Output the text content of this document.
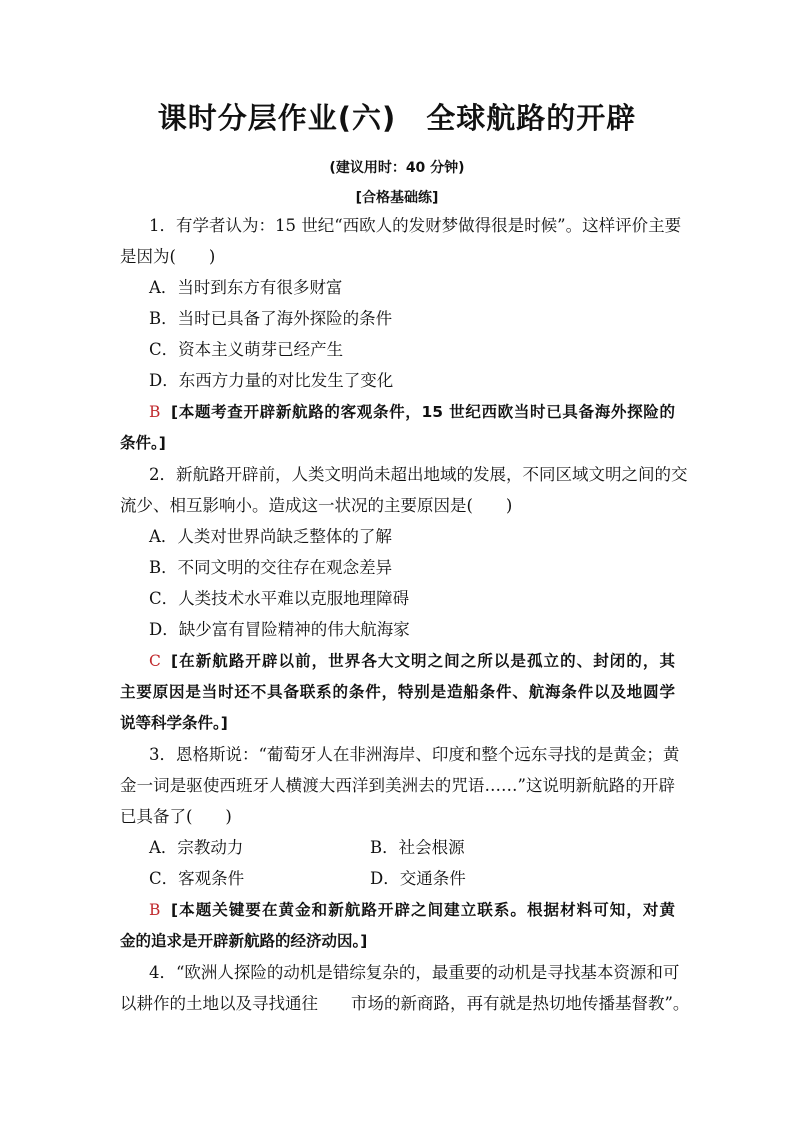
课时分层作业(六)　全球航路的开辟
(建议用时：40 分钟)
[合格基础练]
1．有学者认为：15 世纪“西欧人的发财梦做得很是时候”。这样评价主要
是因为(　　)
A．当时到东方有很多财富
B．当时已具备了海外探险的条件
C．资本主义萌芽已经产生
D．东西方力量的对比发生了变化
B [本题考查开辟新航路的客观条件，15 世纪西欧当时已具备海外探险的
条件。]
2．新航路开辟前，人类文明尚未超出地域的发展，不同区域文明之间的交
流少、相互影响小。造成这一状况的主要原因是(　　)
A．人类对世界尚缺乏整体的了解
B．不同文明的交往存在观念差异
C．人类技术水平难以克服地理障碍
D．缺少富有冒险精神的伟大航海家
C [在新航路开辟以前，世界各大文明之间之所以是孤立的、封闭的，其
主要原因是当时还不具备联系的条件，特别是造船条件、航海条件以及地圆学
说等科学条件。]
3．恩格斯说：“葡萄牙人在非洲海岸、印度和整个远东寻找的是黄金；黄
金一词是驱使西班牙人横渡大西洋到美洲去的咒语……”这说明新航路的开辟
已具备了(　　)
A．宗教动力	B．社会根源
C．客观条件	D．交通条件
B [本题关键要在黄金和新航路开辟之间建立联系。根据材料可知，对黄
金的追求是开辟新航路的经济动因。]
4．“欧洲人探险的动机是错综复杂的，最重要的动机是寻找基本资源和可
以耕作的土地以及寻找通往　　市场的新商路，再有就是热切地传播基督教”。
